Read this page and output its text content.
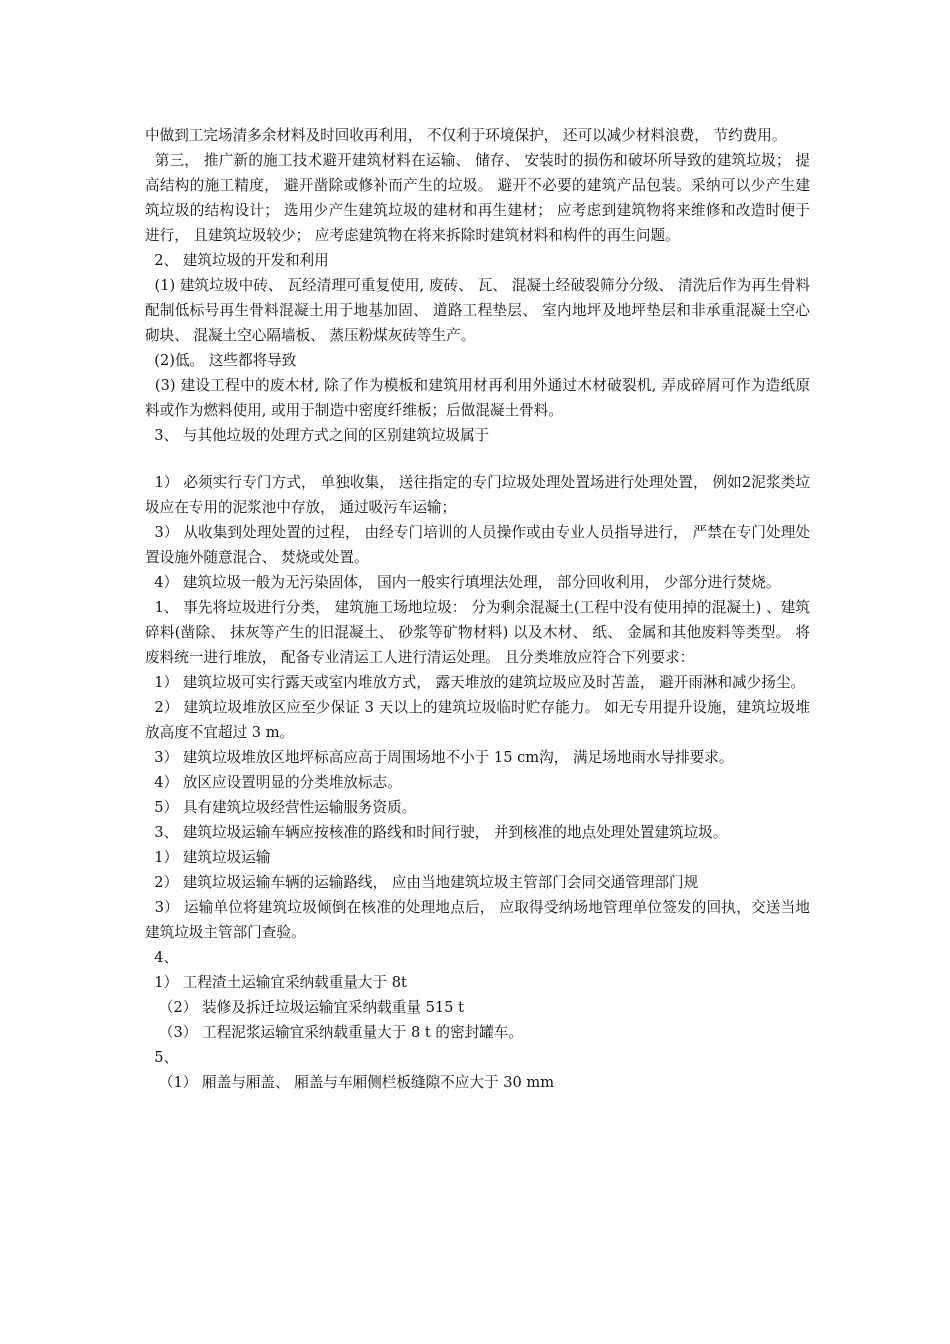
中做到工完场清多余材料及时回收再利用， 不仅利于环境保护， 还可以减少材料浪费， 节约费用。

第三， 推广新的施工技术避开建筑材料在运输、 储存、 安装时的损伤和破坏所导致的建筑垃圾； 提高结构的施工精度， 避开凿除或修补而产生的垃圾。 避开不必要的建筑产品包装。采纳可以少产生建筑垃圾的结构设计； 选用少产生建筑垃圾的建材和再生建材； 应考虑到建筑物将来维修和改造时便于进行， 且建筑垃圾较少； 应考虑建筑物在将来拆除时建筑材料和构件的再生问题。

2、 建筑垃圾的开发和利用

(1) 建筑垃圾中砖、 瓦经清理可重复使用, 废砖、 瓦、 混凝土经破裂筛分分级、 清洗后作为再生骨料配制低标号再生骨料混凝土用于地基加固、 道路工程垫层、 室内地坪及地坪垫层和非承重混凝土空心砌块、 混凝土空心隔墙板、 蒸压粉煤灰砖等生产。

(2)低。 这些都将导致

(3) 建设工程中的废木材, 除了作为模板和建筑用材再利用外通过木材破裂机, 弄成碎屑可作为造纸原料或作为燃料使用, 或用于制造中密度纤维板；后做混凝土骨料。

3、 与其他垃圾的处理方式之间的区别建筑垃圾属于

1） 必须实行专门方式， 单独收集， 送往指定的专门垃圾处理处置场进行处理处置， 例如2泥浆类垃圾应在专用的泥浆池中存放， 通过吸污车运输；

3） 从收集到处理处置的过程， 由经专门培训的人员操作或由专业人员指导进行， 严禁在专门处理处置设施外随意混合、 焚烧或处置。

4） 建筑垃圾一般为无污染固体， 国内一般实行填埋法处理， 部分回收利用， 少部分进行焚烧。

1、 事先将垃圾进行分类， 建筑施工场地垃圾： 分为剩余混凝土(工程中没有使用掉的混凝土) 、建筑碎料(凿除、 抹灰等产生的旧混凝土、 砂浆等矿物材料) 以及木材、 纸、 金属和其他废料等类型。 将废料统一进行堆放， 配备专业清运工人进行清运处理。 且分类堆放应符合下列要求：

1） 建筑垃圾可实行露天或室内堆放方式， 露天堆放的建筑垃圾应及时苫盖， 避开雨淋和减少扬尘。

2） 建筑垃圾堆放区应至少保证 3 天以上的建筑垃圾临时贮存能力。 如无专用提升设施，建筑垃圾堆放高度不宜超过 3 m。

3） 建筑垃圾堆放区地坪标高应高于周围场地不小于 15 cm沟， 满足场地雨水导排要求。

4） 放区应设置明显的分类堆放标志。

5） 具有建筑垃圾经营性运输服务资质。

3、 建筑垃圾运输车辆应按核准的路线和时间行驶， 并到核准的地点处理处置建筑垃圾。

1） 建筑垃圾运输

2） 建筑垃圾运输车辆的运输路线， 应由当地建筑垃圾主管部门会同交通管理部门规

3） 运输单位将建筑垃圾倾倒在核准的处理地点后， 应取得受纳场地管理单位签发的回执，交送当地建筑垃圾主管部门查验。

4、

1） 工程渣土运输宜采纳载重量大于 8t

（2） 装修及拆迁垃圾运输宜采纳载重量 515 t

（3） 工程泥浆运输宜采纳载重量大于 8 t 的密封罐车。

5、

（1） 厢盖与厢盖、 厢盖与车厢侧栏板缝隙不应大于 30 mm
